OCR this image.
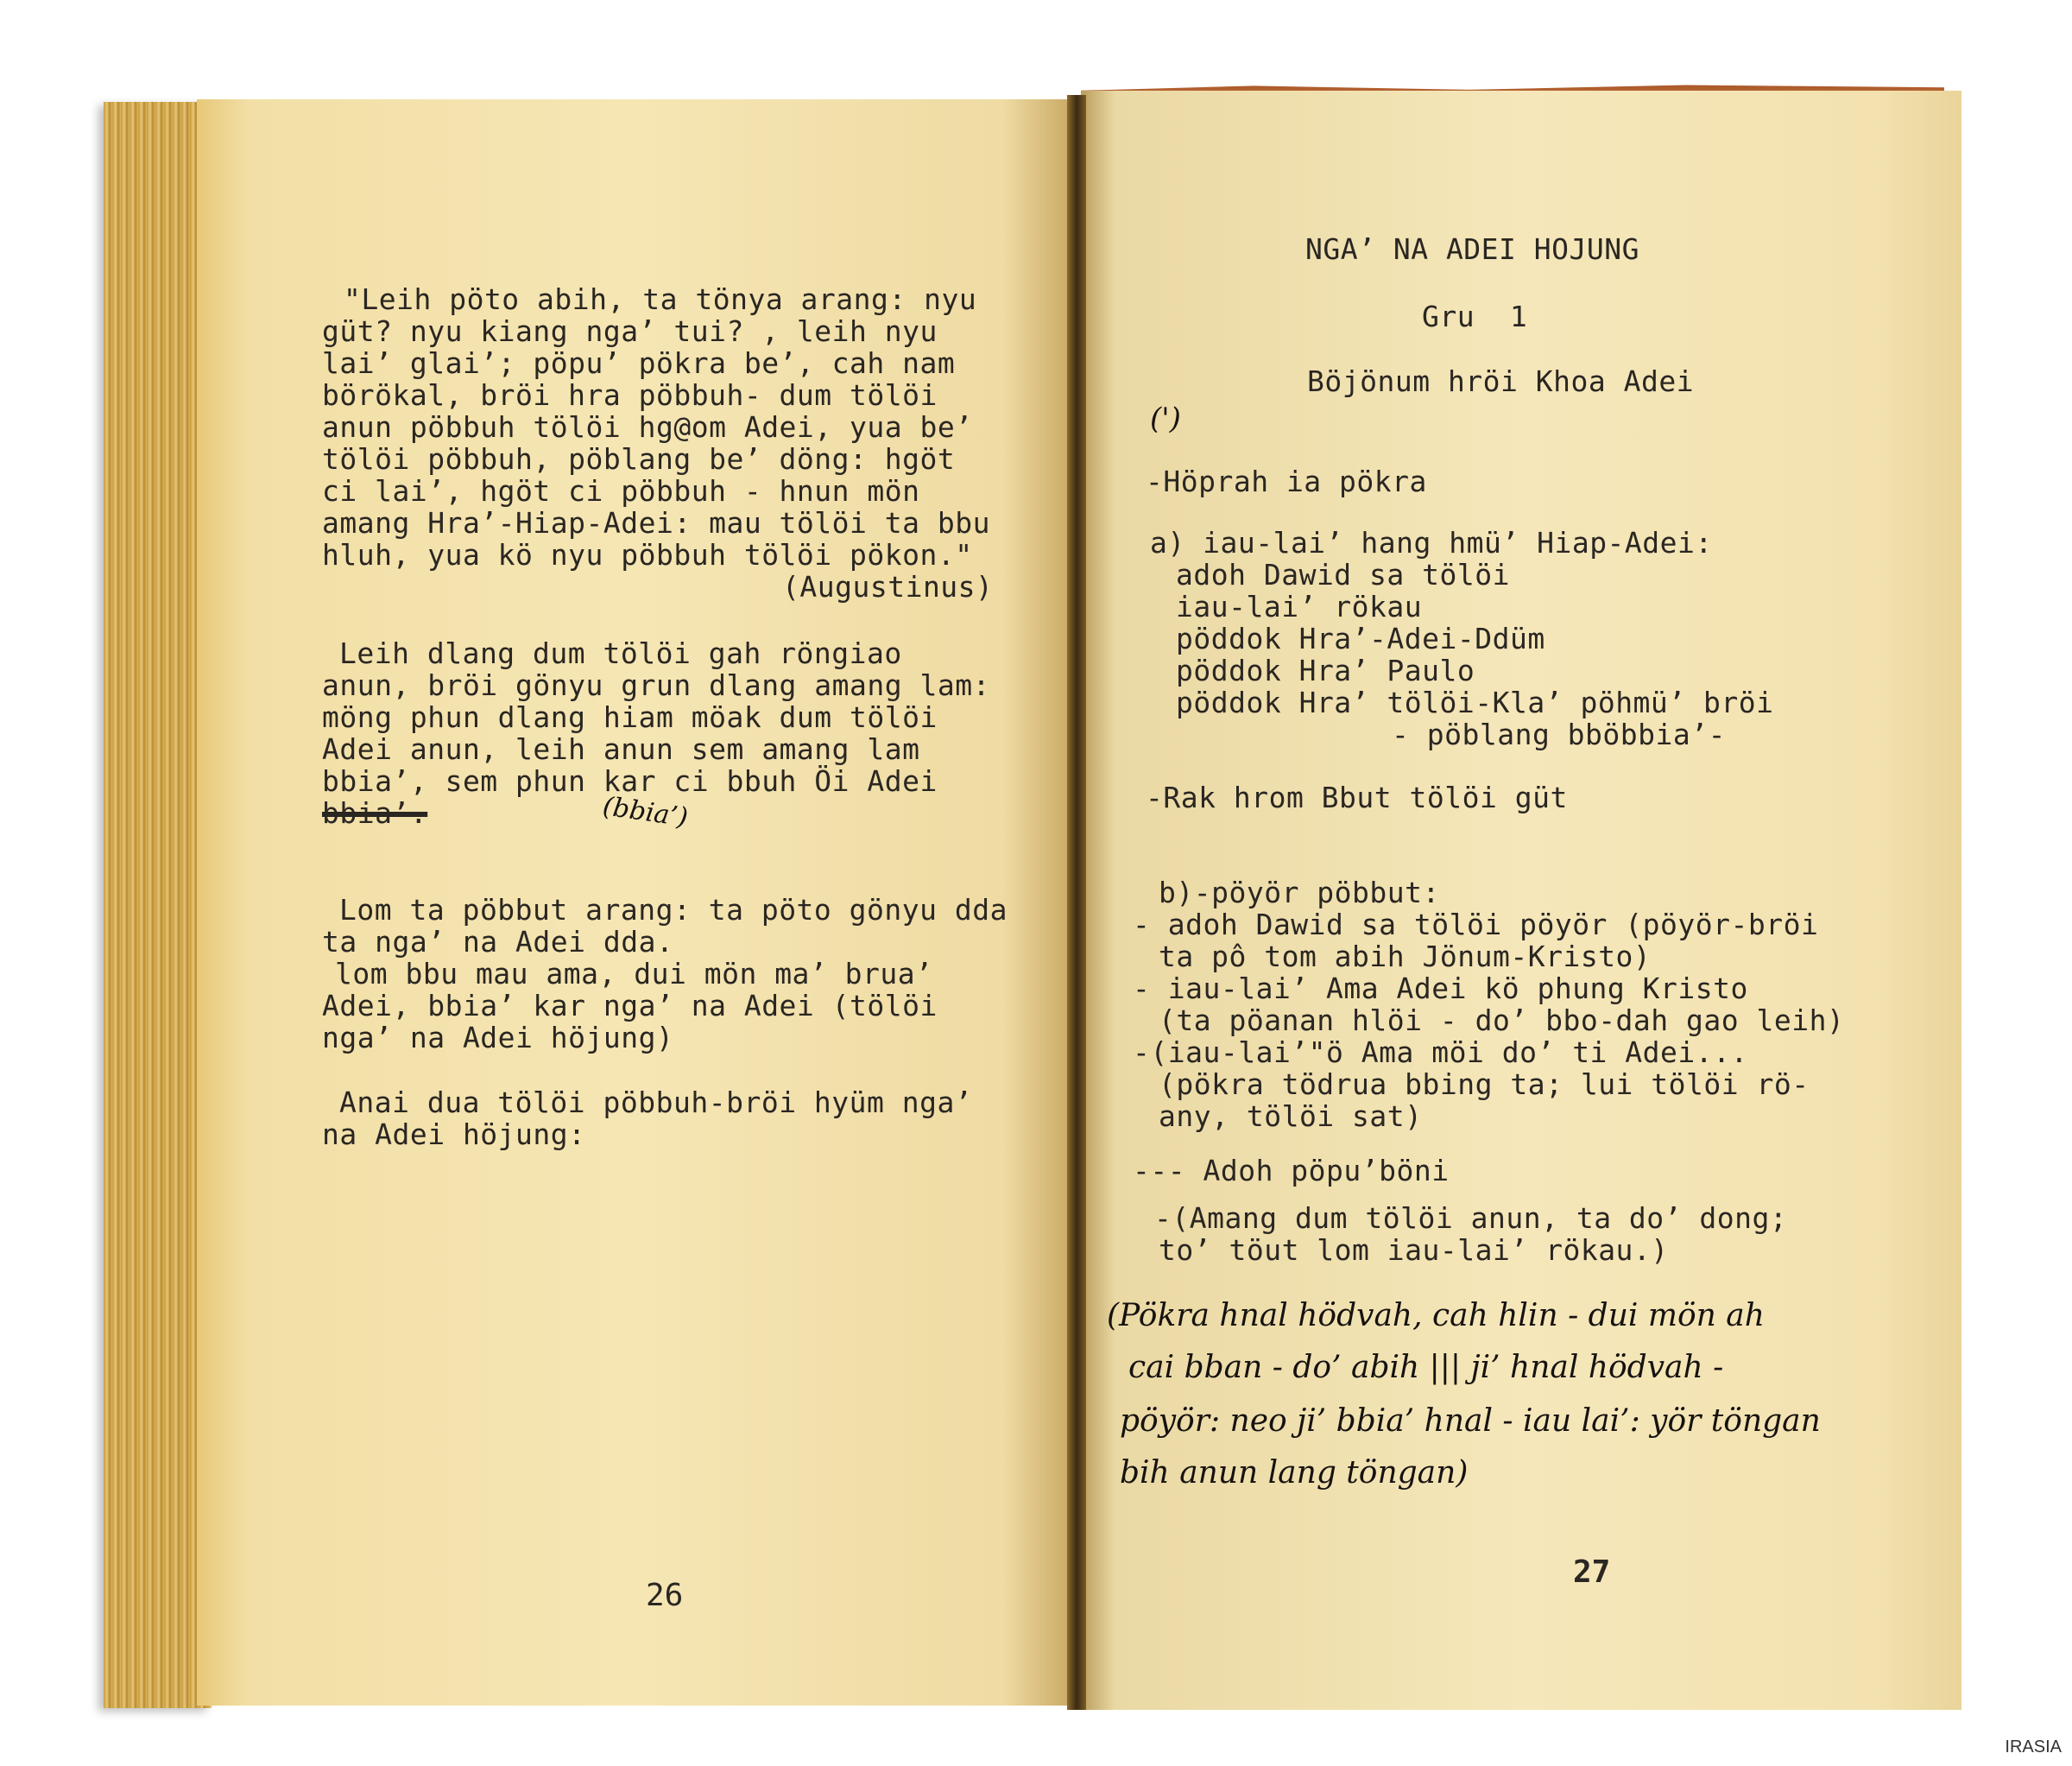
"Leih pöto abih, ta tönya arang: nyu
güt? nyu kiang nga’ tui? , leih nyu
lai’ glai’; pöpu’ pökra be’, cah nam
börökal, bröi hra pöbbuh- dum tölöi
anun pöbbuh tölöi hg@om Adei, yua be’
tölöi pöbbuh, pöblang be’ döng: hgöt
ci lai’, hgöt ci pöbbuh - hnun mön
amang Hra’-Hiap-Adei: mau tölöi ta bbu
hluh, yua kö nyu pöbbuh tölöi pökon."
(Augustinus)
Leih dlang dum tölöi gah röngiao
anun, bröi gönyu grun dlang amang lam:
möng phun dlang hiam möak dum tölöi
Adei anun, leih anun sem amang lam
bbia’, sem phun kar ci bbuh Öi Adei
bbia’.	(bbia’)
Lom ta pöbbut arang: ta pöto gönyu dda
ta nga’ na Adei dda.
lom bbu mau ama, dui mön ma’ brua’
Adei, bbia’ kar nga’ na Adei (tölöi
nga’ na Adei höjung)
Anai dua tölöi pöbbuh-bröi hyüm nga’
na Adei höjung:
26
NGA’ NA ADEI HOJUNG
Gru  1
Böjönum hröi Khoa Adei
(')
-Höprah ia pökra
a) iau-lai’ hang hmü’ Hiap-Adei:
adoh Dawid sa tölöi
iau-lai’ rökau
pöddok Hra’-Adei-Ddüm
pöddok Hra’ Paulo
pöddok Hra’ tölöi-Kla’ pöhmü’ bröi
- pöblang bböbbia’-
-Rak hrom Bbut tölöi güt
b)-pöyör pöbbut:
- adoh Dawid sa tölöi pöyör (pöyör-bröi
ta pô tom abih Jönum-Kristo)
- iau-lai’ Ama Adei kö phung Kristo
(ta pöanan hlöi - do’ bbo-dah gao leih)
-(iau-lai’"ö Ama möi do’ ti Adei...
(pökra tödrua bbing ta; lui tölöi rö-
any, tölöi sat)
--- Adoh pöpu’böni
-(Amang dum tölöi anun, ta do’ dong;
to’ töut lom iau-lai’ rökau.)
(Pökra hnal hödvah, cah hlin - dui mön ah
cai bban - do’ abih ||| ji’ hnal hödvah -
pöyör: neo ji’ bbia’ hnal - iau lai’: yör töngan
bih anun lang töngan)
27
IRASIA
